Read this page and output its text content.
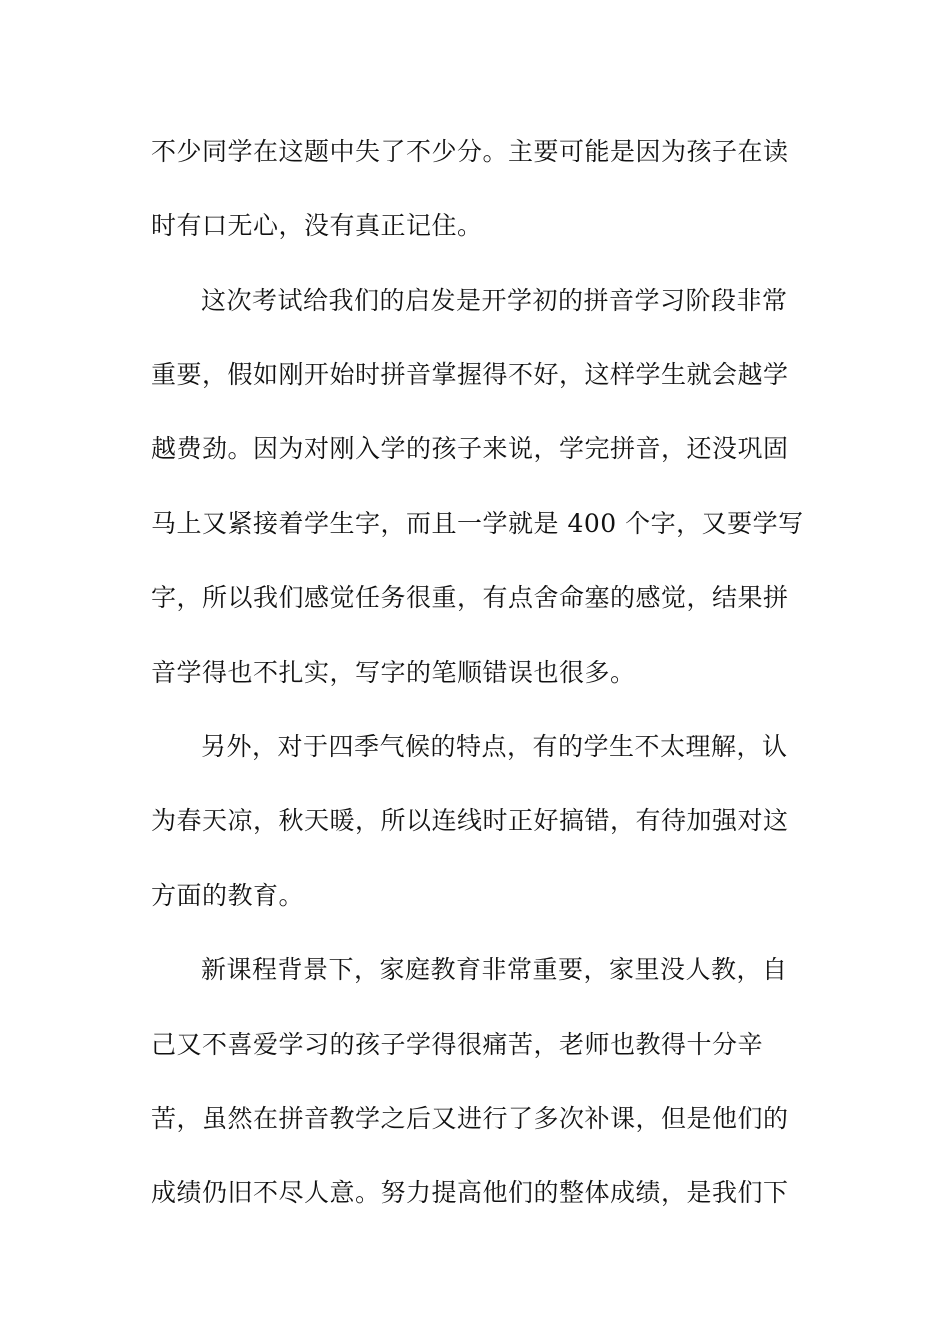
不少同学在这题中失了不少分。主要可能是因为孩子在读
时有口无心，没有真正记住。
这次考试给我们的启发是开学初的拼音学习阶段非常
重要，假如刚开始时拼音掌握得不好，这样学生就会越学
越费劲。因为对刚入学的孩子来说，学完拼音，还没巩固
马上又紧接着学生字，而且一学就是 400 个字，又要学写
字，所以我们感觉任务很重，有点舍命塞的感觉，结果拼
音学得也不扎实，写字的笔顺错误也很多。
另外，对于四季气候的特点，有的学生不太理解，认
为春天凉，秋天暖，所以连线时正好搞错，有待加强对这
方面的教育。
新课程背景下，家庭教育非常重要，家里没人教，自
己又不喜爱学习的孩子学得很痛苦，老师也教得十分辛
苦，虽然在拼音教学之后又进行了多次补课，但是他们的
成绩仍旧不尽人意。努力提高他们的整体成绩，是我们下
